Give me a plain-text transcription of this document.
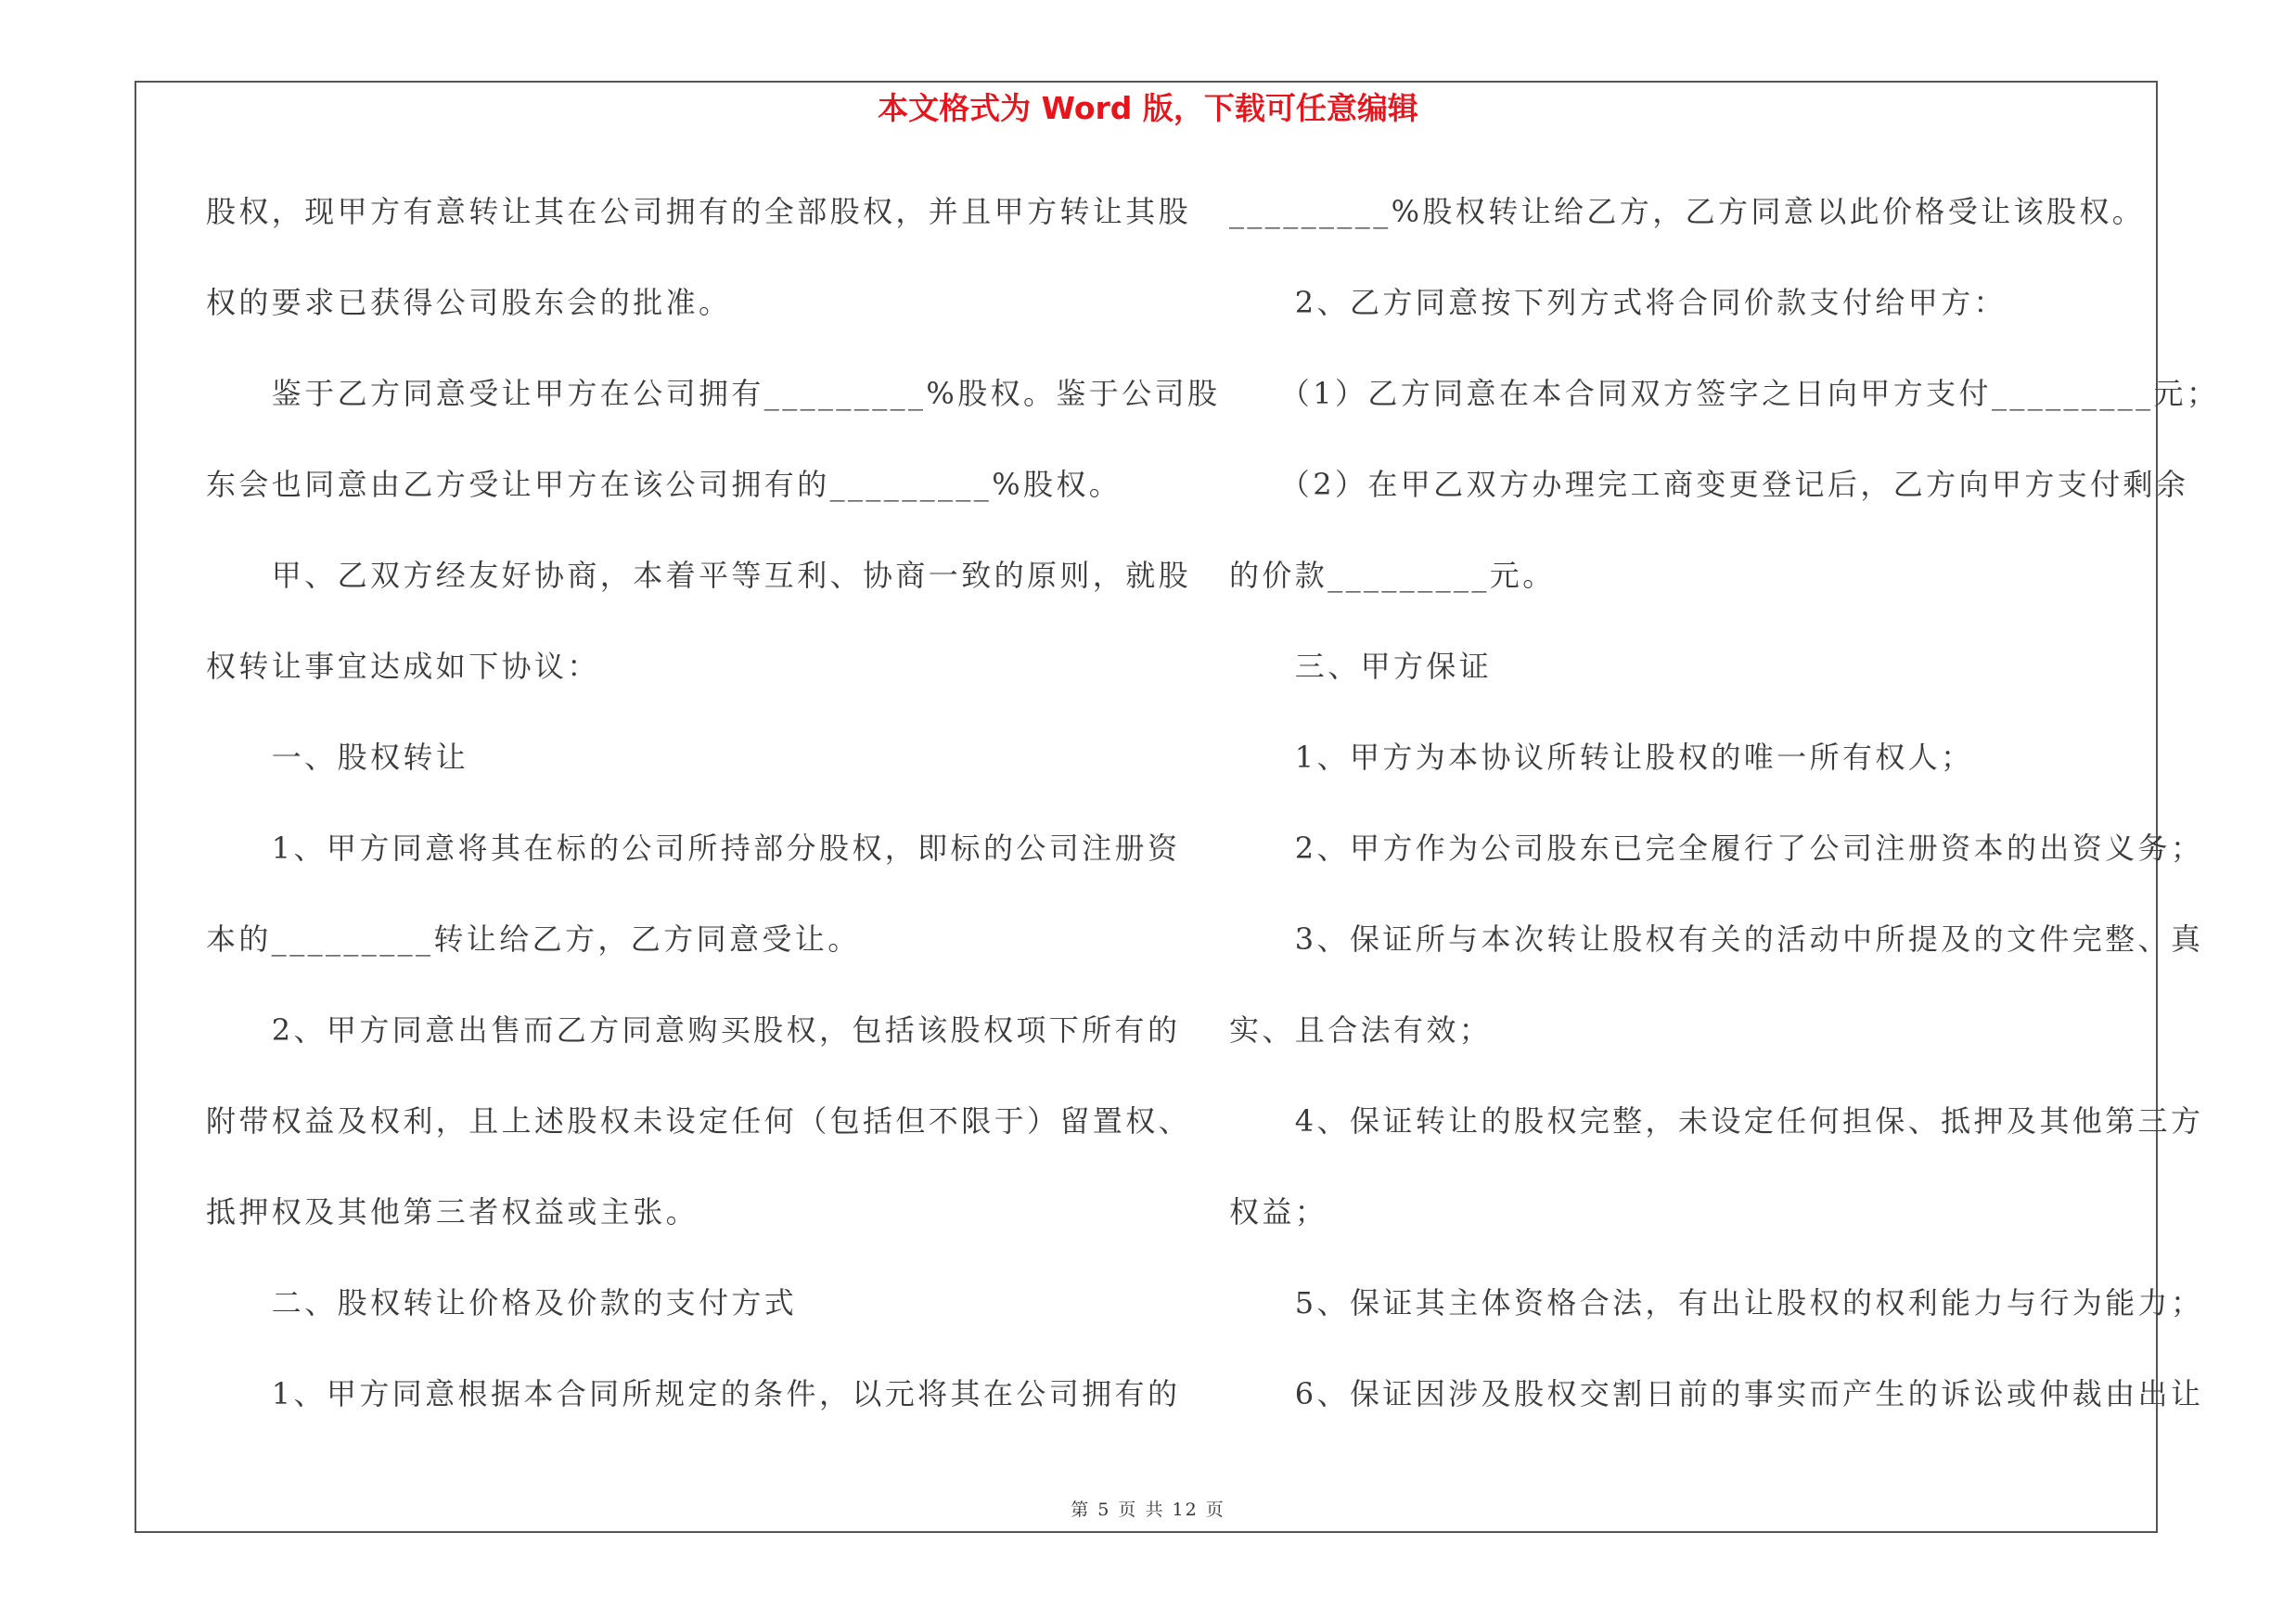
本文格式为 Word 版，下载可任意编辑
股权，现甲方有意转让其在公司拥有的全部股权，并且甲方转让其股
权的要求已获得公司股东会的批准。
　　鉴于乙方同意受让甲方在公司拥有_________%股权。鉴于公司股
东会也同意由乙方受让甲方在该公司拥有的_________%股权。
　　甲、乙双方经友好协商，本着平等互利、协商一致的原则，就股
权转让事宜达成如下协议：
　　一、股权转让
　　1、甲方同意将其在标的公司所持部分股权，即标的公司注册资
本的_________转让给乙方，乙方同意受让。
　　2、甲方同意出售而乙方同意购买股权，包括该股权项下所有的
附带权益及权利，且上述股权未设定任何（包括但不限于）留置权、
抵押权及其他第三者权益或主张。
　　二、股权转让价格及价款的支付方式
　　1、甲方同意根据本合同所规定的条件，以元将其在公司拥有的
_________%股权转让给乙方，乙方同意以此价格受让该股权。
　　2、乙方同意按下列方式将合同价款支付给甲方：
　　（1）乙方同意在本合同双方签字之日向甲方支付_________元；
　　（2）在甲乙双方办理完工商变更登记后，乙方向甲方支付剩余
的价款_________元。
　　三、甲方保证
　　1、甲方为本协议所转让股权的唯一所有权人；
　　2、甲方作为公司股东已完全履行了公司注册资本的出资义务；
　　3、保证所与本次转让股权有关的活动中所提及的文件完整、真
实、且合法有效；
　　4、保证转让的股权完整，未设定任何担保、抵押及其他第三方
权益；
　　5、保证其主体资格合法，有出让股权的权利能力与行为能力；
　　6、保证因涉及股权交割日前的事实而产生的诉讼或仲裁由出让
第 5 页 共 12 页
